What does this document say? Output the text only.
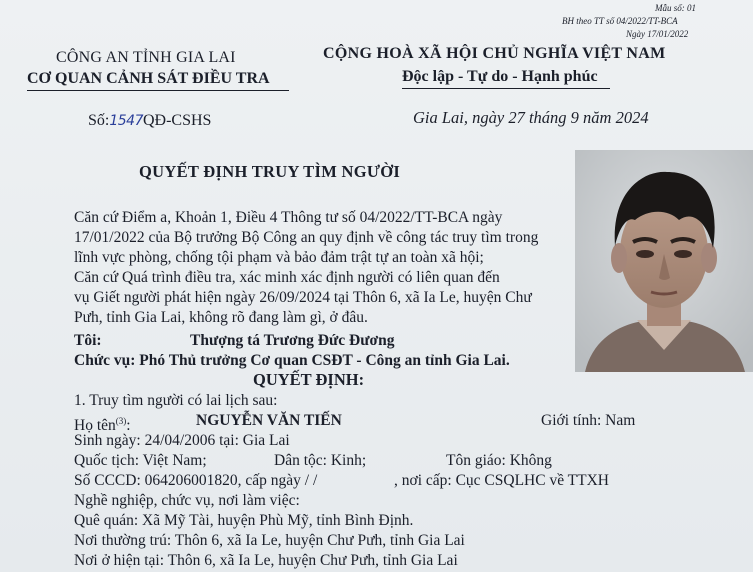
Mẫu số: 01
BH theo TT số 04/2022/TT-BCA
Ngày 17/01/2022
CÔNG AN TỈNH GIA LAI
CƠ QUAN CẢNH SÁT ĐIỀU TRA
CỘNG HOÀ XÃ HỘI CHỦ NGHĨA VIỆT NAM
Độc lập - Tự do - Hạnh phúc
Số:1547QĐ-CSHS	Gia Lai, ngày 27 tháng 9 năm 2024
QUYẾT ĐỊNH TRUY TÌM NGƯỜI
Căn cứ Điểm a, Khoản 1, Điều 4 Thông tư số 04/2022/TT-BCA ngày
17/01/2022 của Bộ trưởng Bộ Công an quy định về công tác truy tìm trong
lĩnh vực phòng, chống tội phạm và bảo đảm trật tự an toàn xã hội;
Căn cứ Quá trình điều tra, xác minh xác định người có liên quan đến
vụ Giết người phát hiện ngày 26/09/2024 tại Thôn 6, xã Ia Le, huyện Chư
Pưh, tỉnh Gia Lai, không rõ đang làm gì, ở đâu.
Tôi:	Thượng tá Trương Đức Đương
Chức vụ: Phó Thủ trưởng Cơ quan CSĐT - Công an tỉnh Gia Lai.
QUYẾT ĐỊNH:
1. Truy tìm người có lai lịch sau:
Họ tên$^{(3)}$:	NGUYỄN VĂN TIẾN	Giới tính: Nam
Sinh ngày: 24/04/2006 tại: Gia Lai
Quốc tịch: Việt Nam;	Dân tộc: Kinh;	Tôn giáo: Không
Số CCCD: 064206001820, cấp ngày / /	, nơi cấp: Cục CSQLHC về TTXH
Nghề nghiệp, chức vụ, nơi làm việc:
Quê quán: Xã Mỹ Tài, huyện Phù Mỹ, tỉnh Bình Định.
Nơi thường trú: Thôn 6, xã Ia Le, huyện Chư Pưh, tỉnh Gia Lai
Nơi ở hiện tại: Thôn 6, xã Ia Le, huyện Chư Pưh, tỉnh Gia Lai
